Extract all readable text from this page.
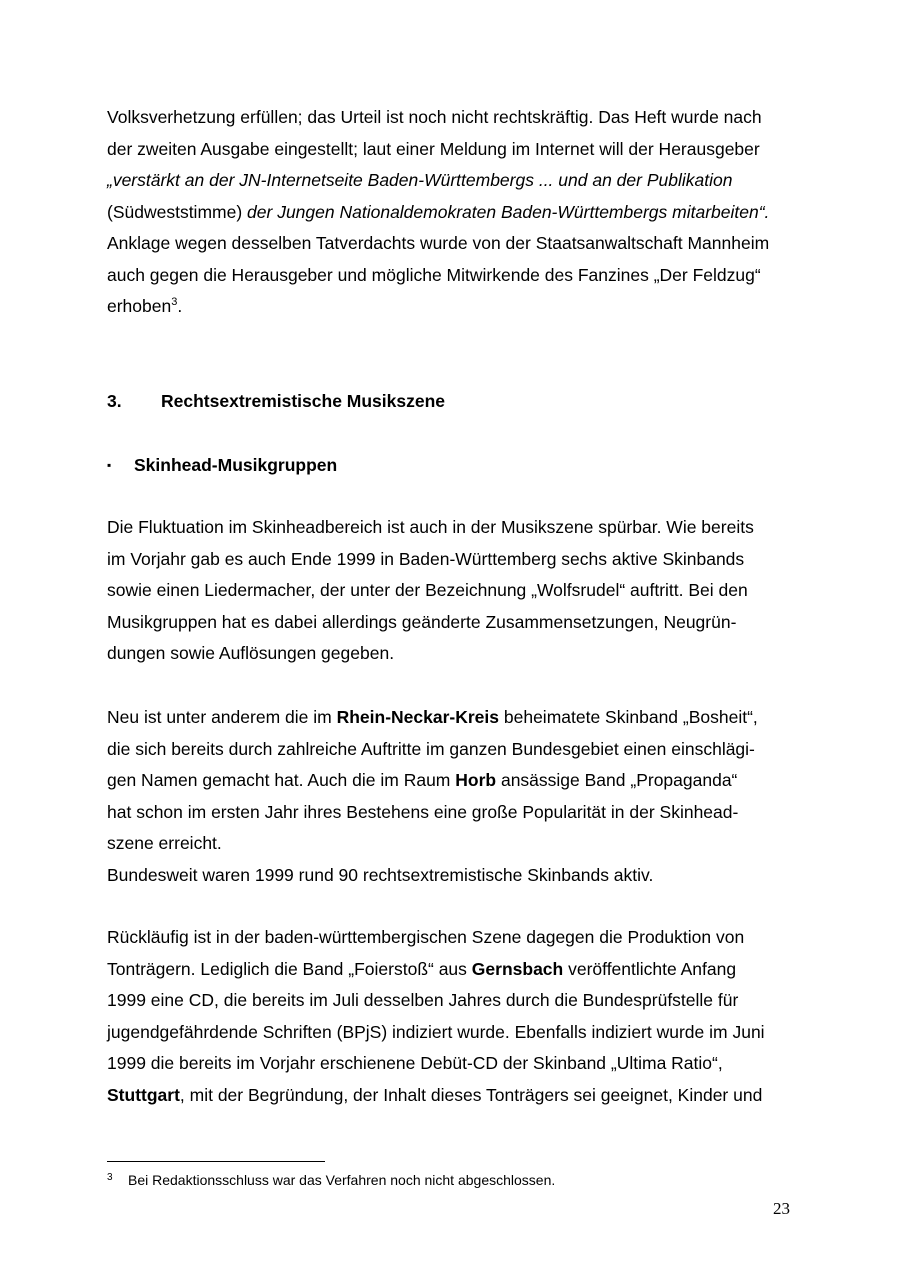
Volksverhetzung erfüllen; das Urteil ist noch nicht rechtskräftig. Das Heft wurde nach
der zweiten Ausgabe eingestellt; laut einer Meldung im Internet will der Herausgeber
„verstärkt an der JN-Internetseite Baden-Württembergs ... und an der Publikation
(Südweststimme) der Jungen Nationaldemokraten Baden-Württembergs mitarbeiten“.
Anklage wegen desselben Tatverdachts wurde von der Staatsanwaltschaft Mannheim
auch gegen die Herausgeber und mögliche Mitwirkende des Fanzines „Der Feldzug“
erhoben$^3$.

3. Rechtsextremistische Musikszene
▪ Skinhead-Musikgruppen

Die Fluktuation im Skinheadbereich ist auch in der Musikszene spürbar. Wie bereits
im Vorjahr gab es auch Ende 1999 in Baden-Württemberg sechs aktive Skinbands
sowie einen Liedermacher, der unter der Bezeichnung „Wolfsrudel“ auftritt. Bei den
Musikgruppen hat es dabei allerdings geänderte Zusammensetzungen, Neugrün-
dungen sowie Auflösungen gegeben.

Neu ist unter anderem die im Rhein-Neckar-Kreis beheimatete Skinband „Bosheit“,
die sich bereits durch zahlreiche Auftritte im ganzen Bundesgebiet einen einschlägi-
gen Namen gemacht hat. Auch die im Raum Horb ansässige Band „Propaganda“
hat schon im ersten Jahr ihres Bestehens eine große Popularität in der Skinhead-
szene erreicht.
Bundesweit waren 1999 rund 90 rechtsextremistische Skinbands aktiv.

Rückläufig ist in der baden-württembergischen Szene dagegen die Produktion von
Tonträgern. Lediglich die Band „Foierstoß“ aus Gernsbach veröffentlichte Anfang
1999 eine CD, die bereits im Juli desselben Jahres durch die Bundesprüfstelle für
jugendgefährdende Schriften (BPjS) indiziert wurde. Ebenfalls indiziert wurde im Juni
1999 die bereits im Vorjahr erschienene Debüt-CD der Skinband „Ultima Ratio“,
Stuttgart, mit der Begründung, der Inhalt dieses Tonträgers sei geeignet, Kinder und

3 Bei Redaktionsschluss war das Verfahren noch nicht abgeschlossen.

23
